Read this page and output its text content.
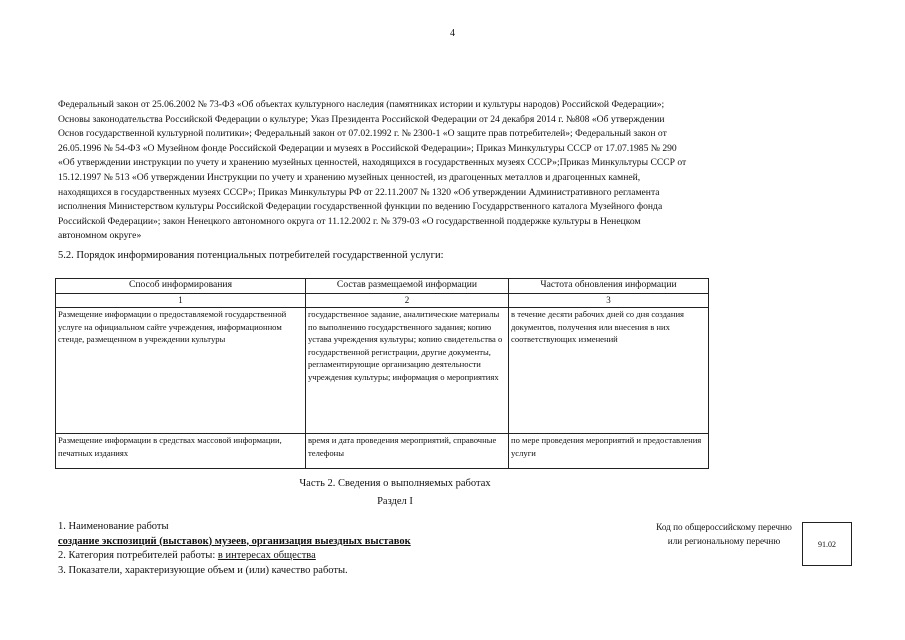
4

Федеральный закон от 25.06.2002 № 73-ФЗ «Об объектах культурного наследия (памятниках истории и культуры народов) Российской Федерации»;

Основы законодательства Российской Федерации о культуре; Указ Президента Российской Федерации от 24 декабря 2014 г. №808 «Об утверждении

Основ государственной культурной политики»; Федеральный закон от 07.02.1992 г. № 2300-1 «О защите прав потребителей»; Федеральный закон от

26.05.1996 № 54-ФЗ «О Музейном фонде Российской Федерации и музеях в Российской Федерации»; Приказ Минкультуры СССР от 17.07.1985 № 290

«Об утверждении инструкции по учету и хранению музейных ценностей, находящихся в государственных музеях СССР»;Приказ Минкультуры СССР от

15.12.1997 № 513 «Об утверждении Инструкции по учету и хранению музейных ценностей, из драгоценных металлов и драгоценных камней,

находящихся в государственных музеях СССР»; Приказ Минкультуры РФ от 22.11.2007 № 1320 «Об утверждении Административного регламента

исполнения Министерством культуры Российской Федерации государственной функции по ведению Государрственного каталога Музейного фонда

Российской Федерации»; закон Ненецкого автономного округа от 11.12.2002 г. № 379-03 «О государственной поддержке культуры в Ненецком

автономном округе»

5.2. Порядок информирования потенциальных потребителей государственной услуги:
Способ информирования	Состав размещаемой информации	Частота обновления информации
1	2	3

Размещение информации о предоставляемой государственной услуге на официальном сайте учреждения, информационном стенде, размещенном в учреждении культуры	государственное задание, аналитические материалы по выполнению государственного задания; копию устава учреждения культуры; копию свидетельства о государственной регистрации, другие документы, регламентирующие организацию деятельности учреждения культуры; информация о мероприятиях	в течение десяти рабочих дней со дня создания документов, получения или внесения в них соответствующих изменений

Размещение информации в средствах массовой информации, печатных изданиях	время и дата проведения мероприятий, справочные телефоны	по мере проведения мероприятий и предоставления услуги
Часть 2. Сведения о выполняемых работах
Раздел I
1. Наименование работы
создание экспозиций (выставок) музеев, организация выездных выставок
2. Категория потребителей работы: в интересах общества
3. Показатели, характеризующие объем и (или) качество работы.
Код по общероссийскому перечню или региональному перечню	91.02
